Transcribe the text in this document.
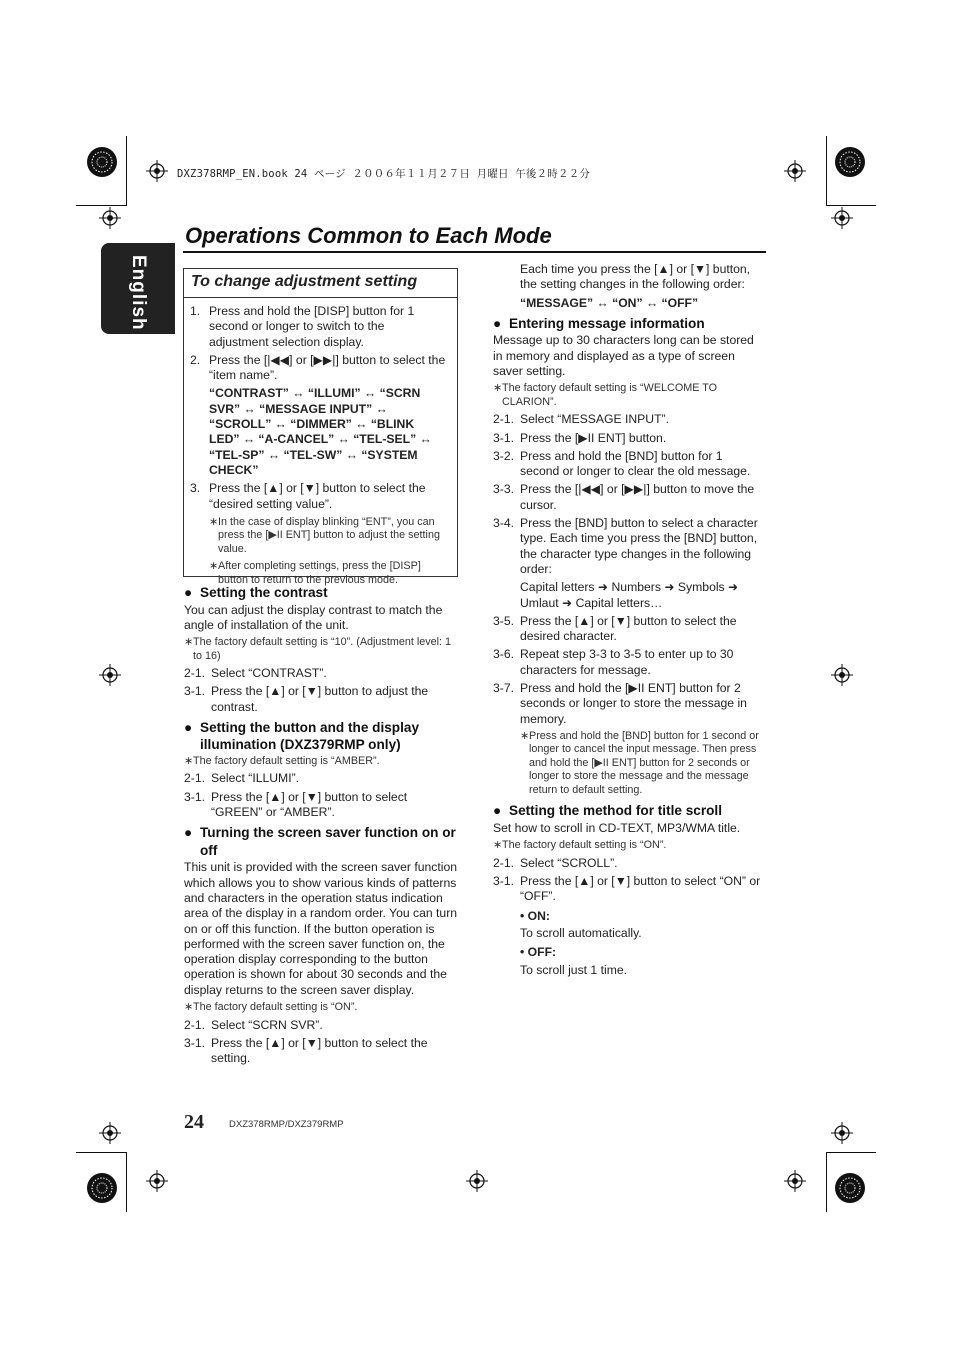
DXZ378RMP_EN.book 24 ページ ２００６年１１月２７日 月曜日 午後２時２２分
English
Operations Common to Each Mode
To change adjustment setting
1. Press and hold the [DISP] button for 1 second or longer to switch to the adjustment selection display.
2. Press the [|◀◀] or [▶▶|] button to select the “item name”.
“CONTRAST” ↔ “ILLUMI” ↔ “SCRN SVR” ↔ “MESSAGE INPUT” ↔ “SCROLL” ↔ “DIMMER” ↔ “BLINK LED” ↔ “A-CANCEL” ↔ “TEL-SEL” ↔ “TEL-SP” ↔ “TEL-SW” ↔ “SYSTEM CHECK”
3. Press the [▲] or [▼] button to select the “desired setting value”.
∗ In the case of display blinking “ENT”, you can press the [▶II ENT] button to adjust the setting value.
∗ After completing settings, press the [DISP] button to return to the previous mode.
● Setting the contrast
You can adjust the display contrast to match the angle of installation of the unit.
∗ The factory default setting is “10”. (Adjustment level: 1 to 16)
2-1. Select “CONTRAST”.
3-1. Press the [▲] or [▼] button to adjust the contrast.
● Setting the button and the display illumination (DXZ379RMP only)
∗ The factory default setting is “AMBER”.
2-1. Select “ILLUMI”.
3-1. Press the [▲] or [▼] button to select “GREEN” or “AMBER”.
● Turning the screen saver function on or off
This unit is provided with the screen saver function which allows you to show various kinds of patterns and characters in the operation status indication area of the display in a random order. You can turn on or off this function. If the button operation is performed with the screen saver function on, the operation display corresponding to the button operation is shown for about 30 seconds and the display returns to the screen saver display.
∗ The factory default setting is “ON”.
2-1. Select “SCRN SVR”.
3-1. Press the [▲] or [▼] button to select the setting.
Each time you press the [▲] or [▼] button, the setting changes in the following order:
“MESSAGE” ↔ “ON” ↔ “OFF”
● Entering message information
Message up to 30 characters long can be stored in memory and displayed as a type of screen saver setting.
∗ The factory default setting is “WELCOME TO CLARION”.
2-1. Select “MESSAGE INPUT”.
3-1. Press the [▶II ENT] button.
3-2. Press and hold the [BND] button for 1 second or longer to clear the old message.
3-3. Press the [|◀◀] or [▶▶|] button to move the cursor.
3-4. Press the [BND] button to select a character type. Each time you press the [BND] button, the character type changes in the following order:
Capital letters ➜ Numbers ➜ Symbols ➜ Umlaut ➜ Capital letters…
3-5. Press the [▲] or [▼] button to select the desired character.
3-6. Repeat step 3-3 to 3-5 to enter up to 30 characters for message.
3-7. Press and hold the [▶II ENT] button for 2 seconds or longer to store the message in memory.
∗ Press and hold the [BND] button for 1 second or longer to cancel the input message. Then press and hold the [▶II ENT] button for 2 seconds or longer to store the message and the message return to default setting.
● Setting the method for title scroll
Set how to scroll in CD-TEXT, MP3/WMA title.
∗ The factory default setting is “ON”.
2-1. Select “SCROLL”.
3-1. Press the [▲] or [▼] button to select “ON” or “OFF”.
• ON:
To scroll automatically.
• OFF:
To scroll just 1 time.
24	DXZ378RMP/DXZ379RMP
